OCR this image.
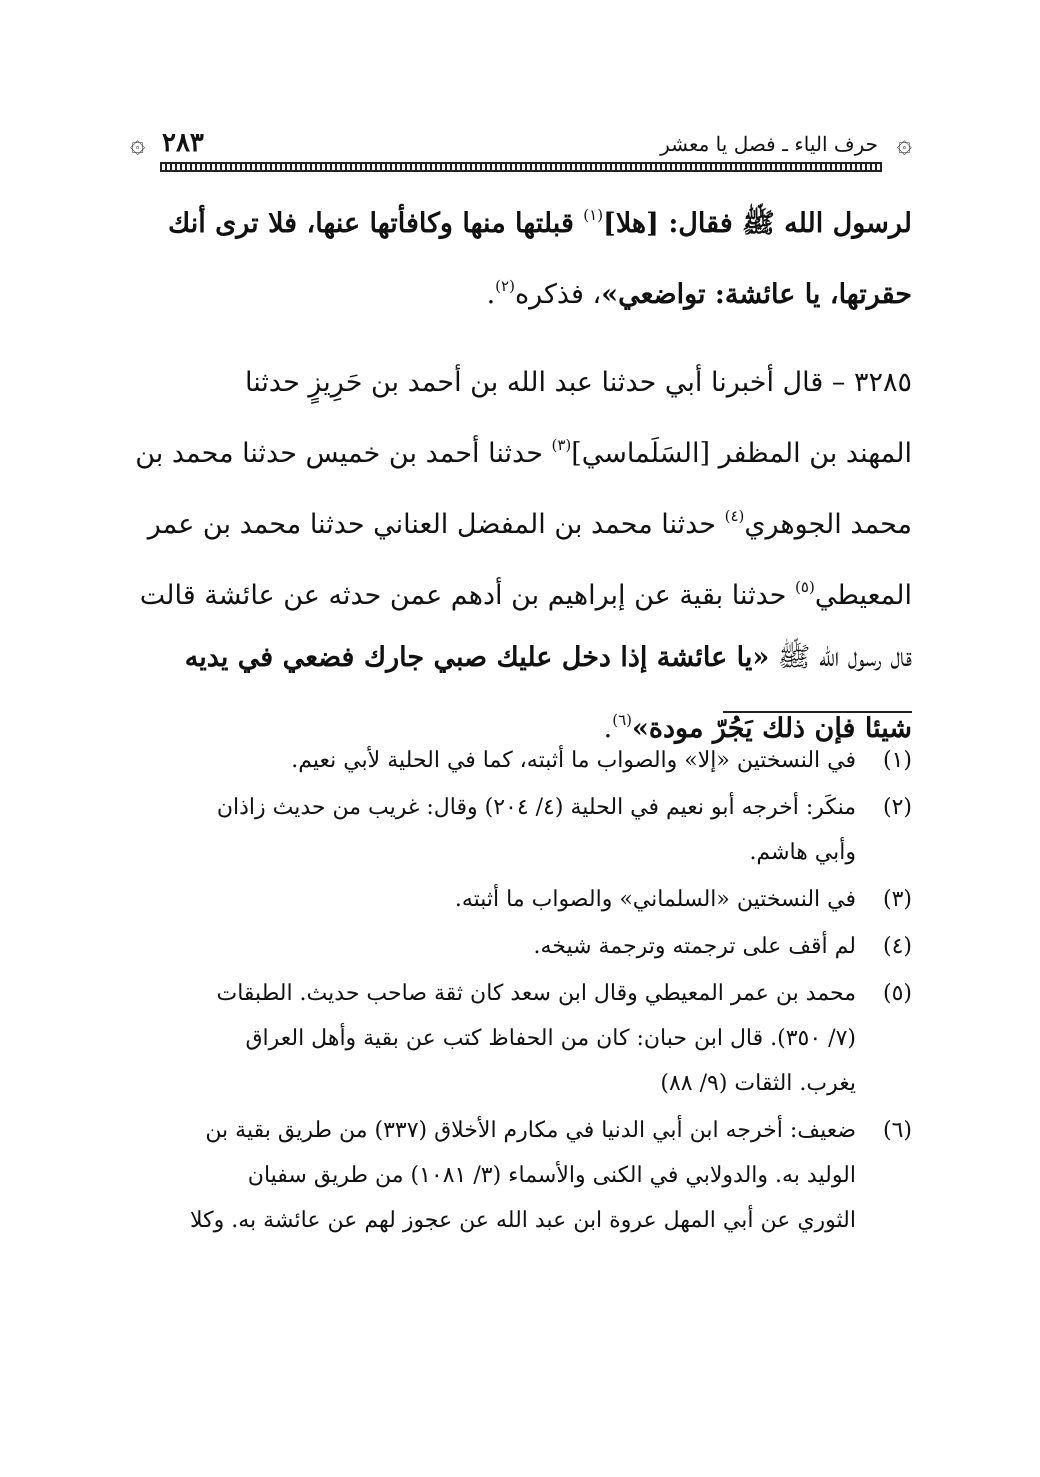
۞
حرف الياء ـ فصل يا معشر
٢٨٣
۞

لرسول الله ﷺ فقال: [هلا]$^{(١)}$ قبلتها منها وكافأتها عنها، فلا ترى أنك
حقرتها، يا عائشة: تواضعي»، فذكره$^{(٢)}$.

٣٢٨٥ – قال أخبرنا أبي حدثنا عبد الله بن أحمد بن حَرِيزٍ حدثنا
المهند بن المظفر [السَلَماسي]$^{(٣)}$ حدثنا أحمد بن خميس حدثنا محمد بن
محمد الجوهري$^{(٤)}$ حدثنا محمد بن المفضل العناني حدثنا محمد بن عمر
المعيطي$^{(٥)}$ حدثنا بقية عن إبراهيم بن أدهم عمن حدثه عن عائشة قالت
قال رسول الله ﷺ «يا عائشة إذا دخل عليك صبي جارك فضعي في يديه
شيئا فإن ذلك يَجُرّ مودة»$^{(٦)}$.

(١)
في النسختين «إلا» والصواب ما أثبته، كما في الحلية لأبي نعيم.
(٢)
منكَر: أخرجه أبو نعيم في الحلية (٤/ ٢٠٤) وقال: غريب من حديث زاذان
وأبي هاشم.
(٣)
في النسختين «السلماني» والصواب ما أثبته.
(٤)
لم أقف على ترجمته وترجمة شيخه.
(٥)
محمد بن عمر المعيطي وقال ابن سعد كان ثقة صاحب حديث. الطبقات
(٧/ ٣٥٠). قال ابن حبان: كان من الحفاظ كتب عن بقية وأهل العراق
يغرب. الثقات (٩/ ٨٨)
(٦)
ضعيف: أخرجه ابن أبي الدنيا في مكارم الأخلاق (٣٣٧) من طريق بقية بن
الوليد به. والدولابي في الكنى والأسماء (٣/ ١٠٨١) من طريق سفيان
الثوري عن أبي المهل عروة ابن عبد الله عن عجوز لهم عن عائشة به. وكلا
